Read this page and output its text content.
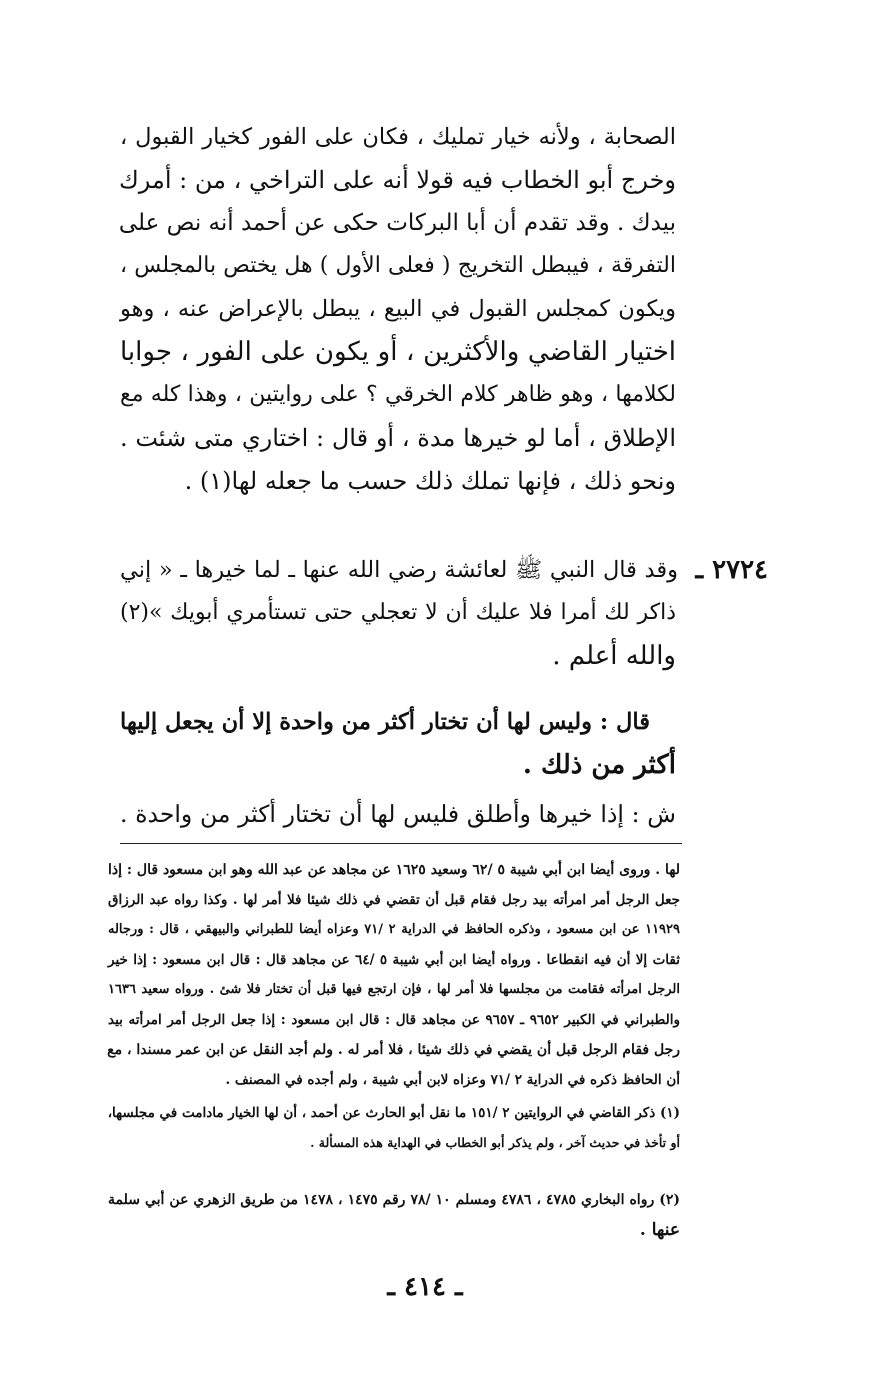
الصحابة ، ولأنه خيار تمليك ، فكان على الفور كخيار القبول ،
وخرج أبو الخطاب فيه قولا أنه على التراخي ، من : أمرك
بيدك . وقد تقدم أن أبا البركات حكى عن أحمد أنه نص على
التفرقة ، فيبطل التخريج ( فعلى الأول ) هل يختص بالمجلس ،
ويكون كمجلس القبول في البيع ، يبطل بالإعراض عنه ، وهو
اختيار القاضي والأكثرين ، أو يكون على الفور ، جوابا
لكلامها ، وهو ظاهر كلام الخرقي ؟ على روايتين ، وهذا كله مع
الإطلاق ، أما لو خيرها مدة ، أو قال : اختاري متى شئت .
ونحو ذلك ، فإنها تملك ذلك حسب ما جعله لها(١) .
٢٧٢٤ ـ
وقد قال النبي ﷺ لعائشة رضي الله عنها ـ لما خيرها ـ « إني
ذاكر لك أمرا فلا عليك أن لا تعجلي حتى تستأمري أبويك »(٢)
والله أعلم .
قال : وليس لها أن تختار أكثر من واحدة إلا أن يجعل إليها
أكثر من ذلك .
ش : إذا خيرها وأطلق فليس لها أن تختار أكثر من واحدة .
لها . وروى أيضا ابن أبي شيبة ٥ /٦٢ وسعيد ١٦٢٥ عن مجاهد عن عبد الله وهو ابن مسعود قال : إذا
جعل الرجل أمر امرأته بيد رجل فقام قبل أن تقضي في ذلك شيئا فلا أمر لها . وكذا رواه عبد الرزاق
١١٩٢٩ عن ابن مسعود ، وذكره الحافظ في الدراية ٢ /٧١ وعزاه أيضا للطبراني والبيهقي ، قال : ورجاله
ثقات إلا أن فيه انقطاعا . ورواه أيضا ابن أبي شيبة ٥ /٦٤ عن مجاهد قال : قال ابن مسعود : إذا خير
الرجل امرأته فقامت من مجلسها فلا أمر لها ، فإن ارتجع فيها قبل أن تختار فلا شئ . ورواه سعيد ١٦٣٦
والطبراني في الكبير ٩٦٥٢ ـ ٩٦٥٧ عن مجاهد قال : قال ابن مسعود : إذا جعل الرجل أمر امرأته بيد
رجل فقام الرجل قبل أن يقضي في ذلك شيئا ، فلا أمر له . ولم أجد النقل عن ابن عمر مسندا ، مع
أن الحافظ ذكره في الدراية ٢ /٧١ وعزاه لابن أبي شيبة ، ولم أجده في المصنف .
(١) ذكر القاضي في الروايتين ٢ /١٥١ ما نقل أبو الحارث عن أحمد ، أن لها الخيار مادامت في مجلسها،
أو تأخذ في حديث آخر ، ولم يذكر أبو الخطاب في الهداية هذه المسألة .
(٢) رواه البخاري ٤٧٨٥ ، ٤٧٨٦ ومسلم ١٠ /٧٨ رقم ١٤٧٥ ، ١٤٧٨ من طريق الزهري عن أبي سلمة
عنها .
ـ ٤١٤ ـ
